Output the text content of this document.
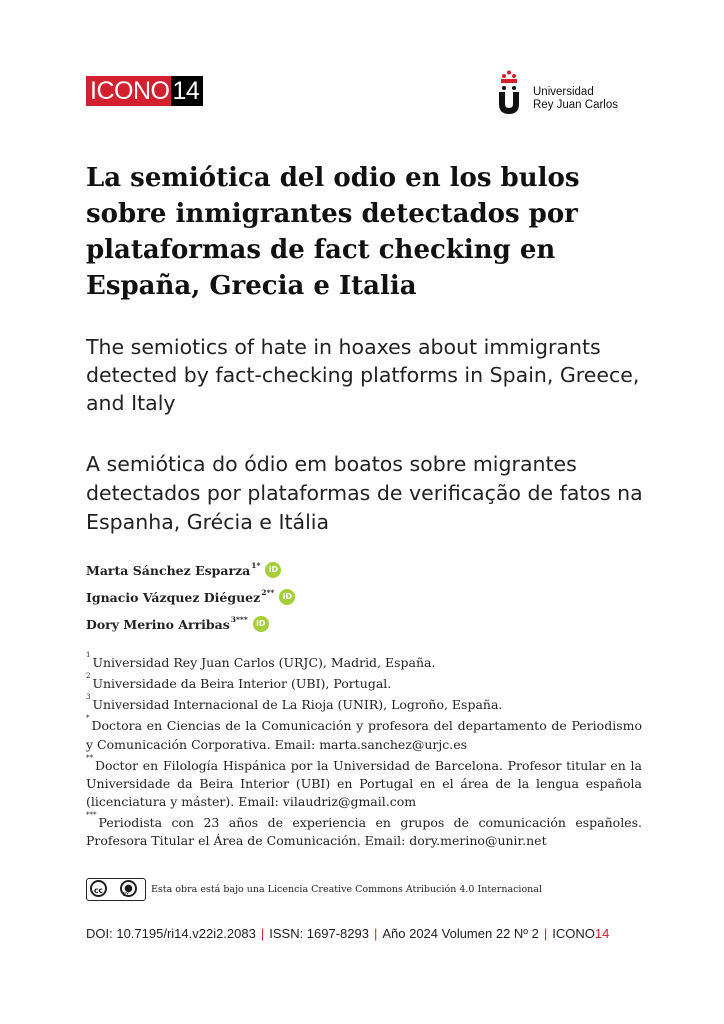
ICONO 14	Universidad
Rey Juan Carlos
La semiótica del odio en los bulos sobre inmigrantes detectados por plataformas de fact checking en España, Grecia e Italia
The semiotics of hate in hoaxes about immigrants detected by fact-checking platforms in Spain, Greece, and Italy
A semiótica do ódio em boatos sobre migrantes detectados por plataformas de verificação de fatos na Espanha, Grécia e Itália
Marta Sánchez Esparza$^{1*}$	iD
Ignacio Vázquez Diéguez$^{2**}$	iD
Dory Merino Arribas$^{3***}$	iD

$^1$Universidad Rey Juan Carlos (URJC), Madrid, España.

$^2$Universidade da Beira Interior (UBI), Portugal.

$^3$Universidad Internacional de La Rioja (UNIR), Logroño, España.

*Doctora en Ciencias de la Comunicación y profesora del departamento de Periodismo y Comunicación Corporativa. Email: marta.sanchez@urjc.es

**Doctor en Filología Hispánica por la Universidad de Barcelona. Profesor titular en la Universidade da Beira Interior (UBI) en Portugal en el área de la lengua española (licenciatura y máster). Email: vilaudriz@gmail.com

***Periodista con 23 años de experiencia en grupos de comunicación españoles. Profesora Titular el Área de Comunicación. Email: dory.merino@unir.net

cc	●
BY	Esta obra está bajo una Licencia Creative Commons Atribución 4.0 Internacional
DOI: 10.7195/ri14.v22i2.2083 | ISSN: 1697-8293 | Año 2024 Volumen 22 Nº 2 | ICONO14
